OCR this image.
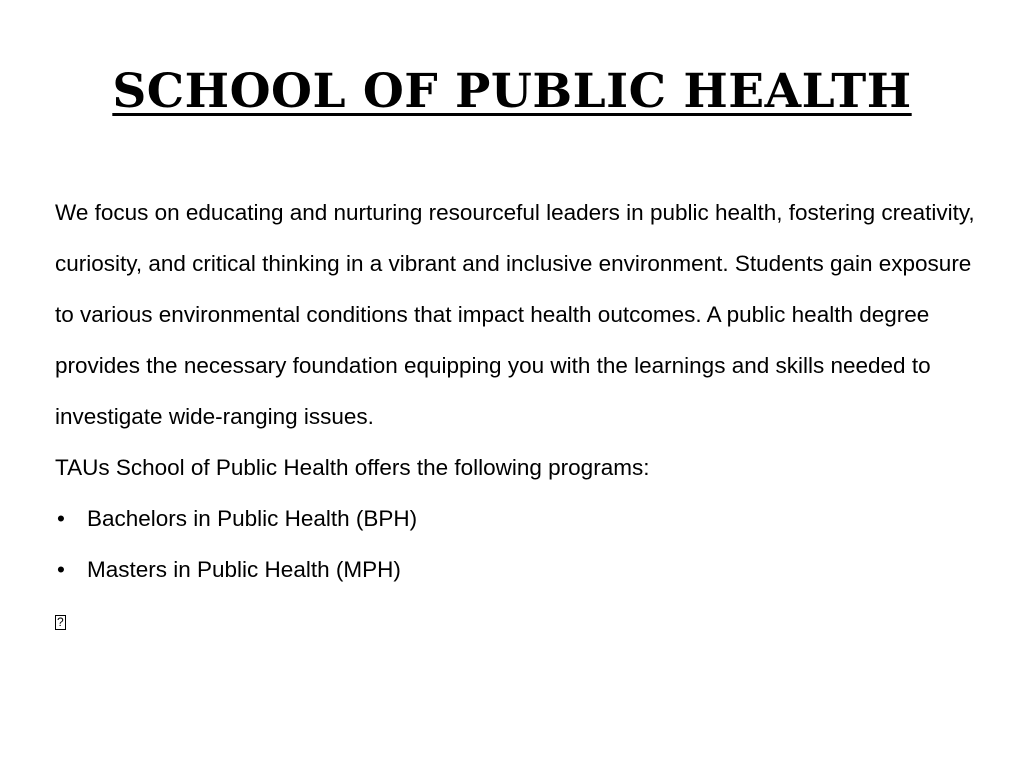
SCHOOL OF PUBLIC HEALTH

We focus on educating and nurturing resourceful leaders in public health, fostering creativity, curiosity, and critical thinking in a vibrant and inclusive environment. Students gain exposure to various environmental conditions that impact health outcomes. A public health degree provides the necessary foundation equipping you with the learnings and skills needed to investigate wide-ranging issues.

TAUs School of Public Health offers the following programs:

• Bachelors in Public Health (BPH)
• Masters in Public Health (MPH)
?
